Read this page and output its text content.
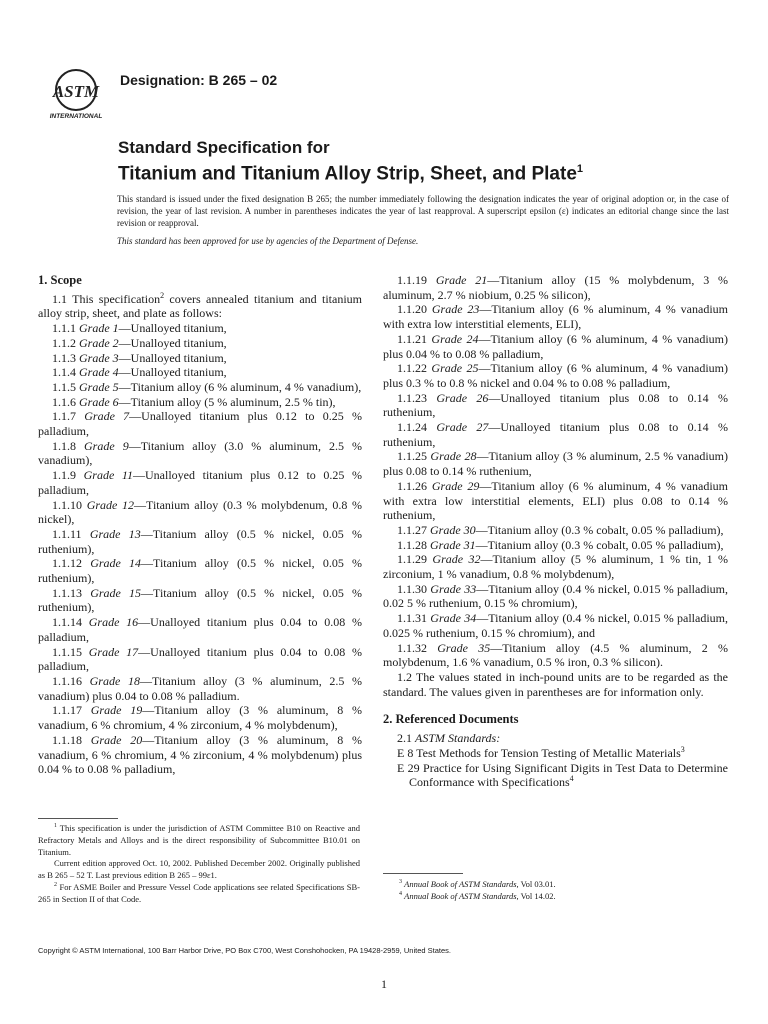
ASTM
INTERNATIONAL
Designation: B 265 – 02
Standard Specification for
Titanium and Titanium Alloy Strip, Sheet, and Plate$^1$
This standard is issued under the fixed designation B 265; the number immediately following the designation indicates the year of original adoption or, in the case of revision, the year of last revision. A number in parentheses indicates the year of last reapproval. A superscript epsilon (ε) indicates an editorial change since the last revision or reapproval.
This standard has been approved for use by agencies of the Department of Defense.
1. Scope

1.1 This specification$^2$ covers annealed titanium and titanium alloy strip, sheet, and plate as follows:

1.1.1 Grade 1—Unalloyed titanium,

1.1.2 Grade 2—Unalloyed titanium,

1.1.3 Grade 3—Unalloyed titanium,

1.1.4 Grade 4—Unalloyed titanium,

1.1.5 Grade 5—Titanium alloy (6 % aluminum, 4 % vanadium),

1.1.6 Grade 6—Titanium alloy (5 % aluminum, 2.5 % tin),

1.1.7 Grade 7—Unalloyed titanium plus 0.12 to 0.25 % palladium,

1.1.8 Grade 9—Titanium alloy (3.0 % aluminum, 2.5 % vanadium),

1.1.9 Grade 11—Unalloyed titanium plus 0.12 to 0.25 % palladium,

1.1.10 Grade 12—Titanium alloy (0.3 % molybdenum, 0.8 % nickel),

1.1.11 Grade 13—Titanium alloy (0.5 % nickel, 0.05 % ruthenium),

1.1.12 Grade 14—Titanium alloy (0.5 % nickel, 0.05 % ruthenium),

1.1.13 Grade 15—Titanium alloy (0.5 % nickel, 0.05 % ruthenium),

1.1.14 Grade 16—Unalloyed titanium plus 0.04 to 0.08 % palladium,

1.1.15 Grade 17—Unalloyed titanium plus 0.04 to 0.08 % palladium,

1.1.16 Grade 18—Titanium alloy (3 % aluminum, 2.5 % vanadium) plus 0.04 to 0.08 % palladium.

1.1.17 Grade 19—Titanium alloy (3 % aluminum, 8 % vanadium, 6 % chromium, 4 % zirconium, 4 % molybdenum),

1.1.18 Grade 20—Titanium alloy (3 % aluminum, 8 % vanadium, 6 % chromium, 4 % zirconium, 4 % molybdenum) plus 0.04 % to 0.08 % palladium,

1.1.19 Grade 21—Titanium alloy (15 % molybdenum, 3 % aluminum, 2.7 % niobium, 0.25 % silicon),

1.1.20 Grade 23—Titanium alloy (6 % aluminum, 4 % vanadium with extra low interstitial elements, ELI),

1.1.21 Grade 24—Titanium alloy (6 % aluminum, 4 % vanadium) plus 0.04 % to 0.08 % palladium,

1.1.22 Grade 25—Titanium alloy (6 % aluminum, 4 % vanadium) plus 0.3 % to 0.8 % nickel and 0.04 % to 0.08 % palladium,

1.1.23 Grade 26—Unalloyed titanium plus 0.08 to 0.14 % ruthenium,

1.1.24 Grade 27—Unalloyed titanium plus 0.08 to 0.14 % ruthenium,

1.1.25 Grade 28—Titanium alloy (3 % aluminum, 2.5 % vanadium) plus 0.08 to 0.14 % ruthenium,

1.1.26 Grade 29—Titanium alloy (6 % aluminum, 4 % vanadium with extra low interstitial elements, ELI) plus 0.08 to 0.14 % ruthenium,

1.1.27 Grade 30—Titanium alloy (0.3 % cobalt, 0.05 % palladium),

1.1.28 Grade 31—Titanium alloy (0.3 % cobalt, 0.05 % palladium),

1.1.29 Grade 32—Titanium alloy (5 % aluminum, 1 % tin, 1 % zirconium, 1 % vanadium, 0.8 % molybdenum),

1.1.30 Grade 33—Titanium alloy (0.4 % nickel, 0.015 % palladium, 0.02 5 % ruthenium, 0.15 % chromium),

1.1.31 Grade 34—Titanium alloy (0.4 % nickel, 0.015 % palladium, 0.025 % ruthenium, 0.15 % chromium), and

1.1.32 Grade 35—Titanium alloy (4.5 % aluminum, 2 % molybdenum, 1.6 % vanadium, 0.5 % iron, 0.3 % silicon).

1.2 The values stated in inch-pound units are to be regarded as the standard. The values given in parentheses are for information only.

2. Referenced Documents

2.1 ASTM Standards:

E 8 Test Methods for Tension Testing of Metallic Materials$^3$

E 29 Practice for Using Significant Digits in Test Data to Determine Conformance with Specifications$^4$

$^1$ This specification is under the jurisdiction of ASTM Committee B10 on Reactive and Refractory Metals and Alloys and is the direct responsibility of Subcommittee B10.01 on Titanium.

Current edition approved Oct. 10, 2002. Published December 2002. Originally published as B 265 – 52 T. Last previous edition B 265 – 99ε1.

$^2$ For ASME Boiler and Pressure Vessel Code applications see related Specifications SB-265 in Section II of that Code.

$^3$ Annual Book of ASTM Standards, Vol 03.01.

$^4$ Annual Book of ASTM Standards, Vol 14.02.

Copyright © ASTM International, 100 Barr Harbor Drive, PO Box C700, West Conshohocken, PA 19428-2959, United States.
1
